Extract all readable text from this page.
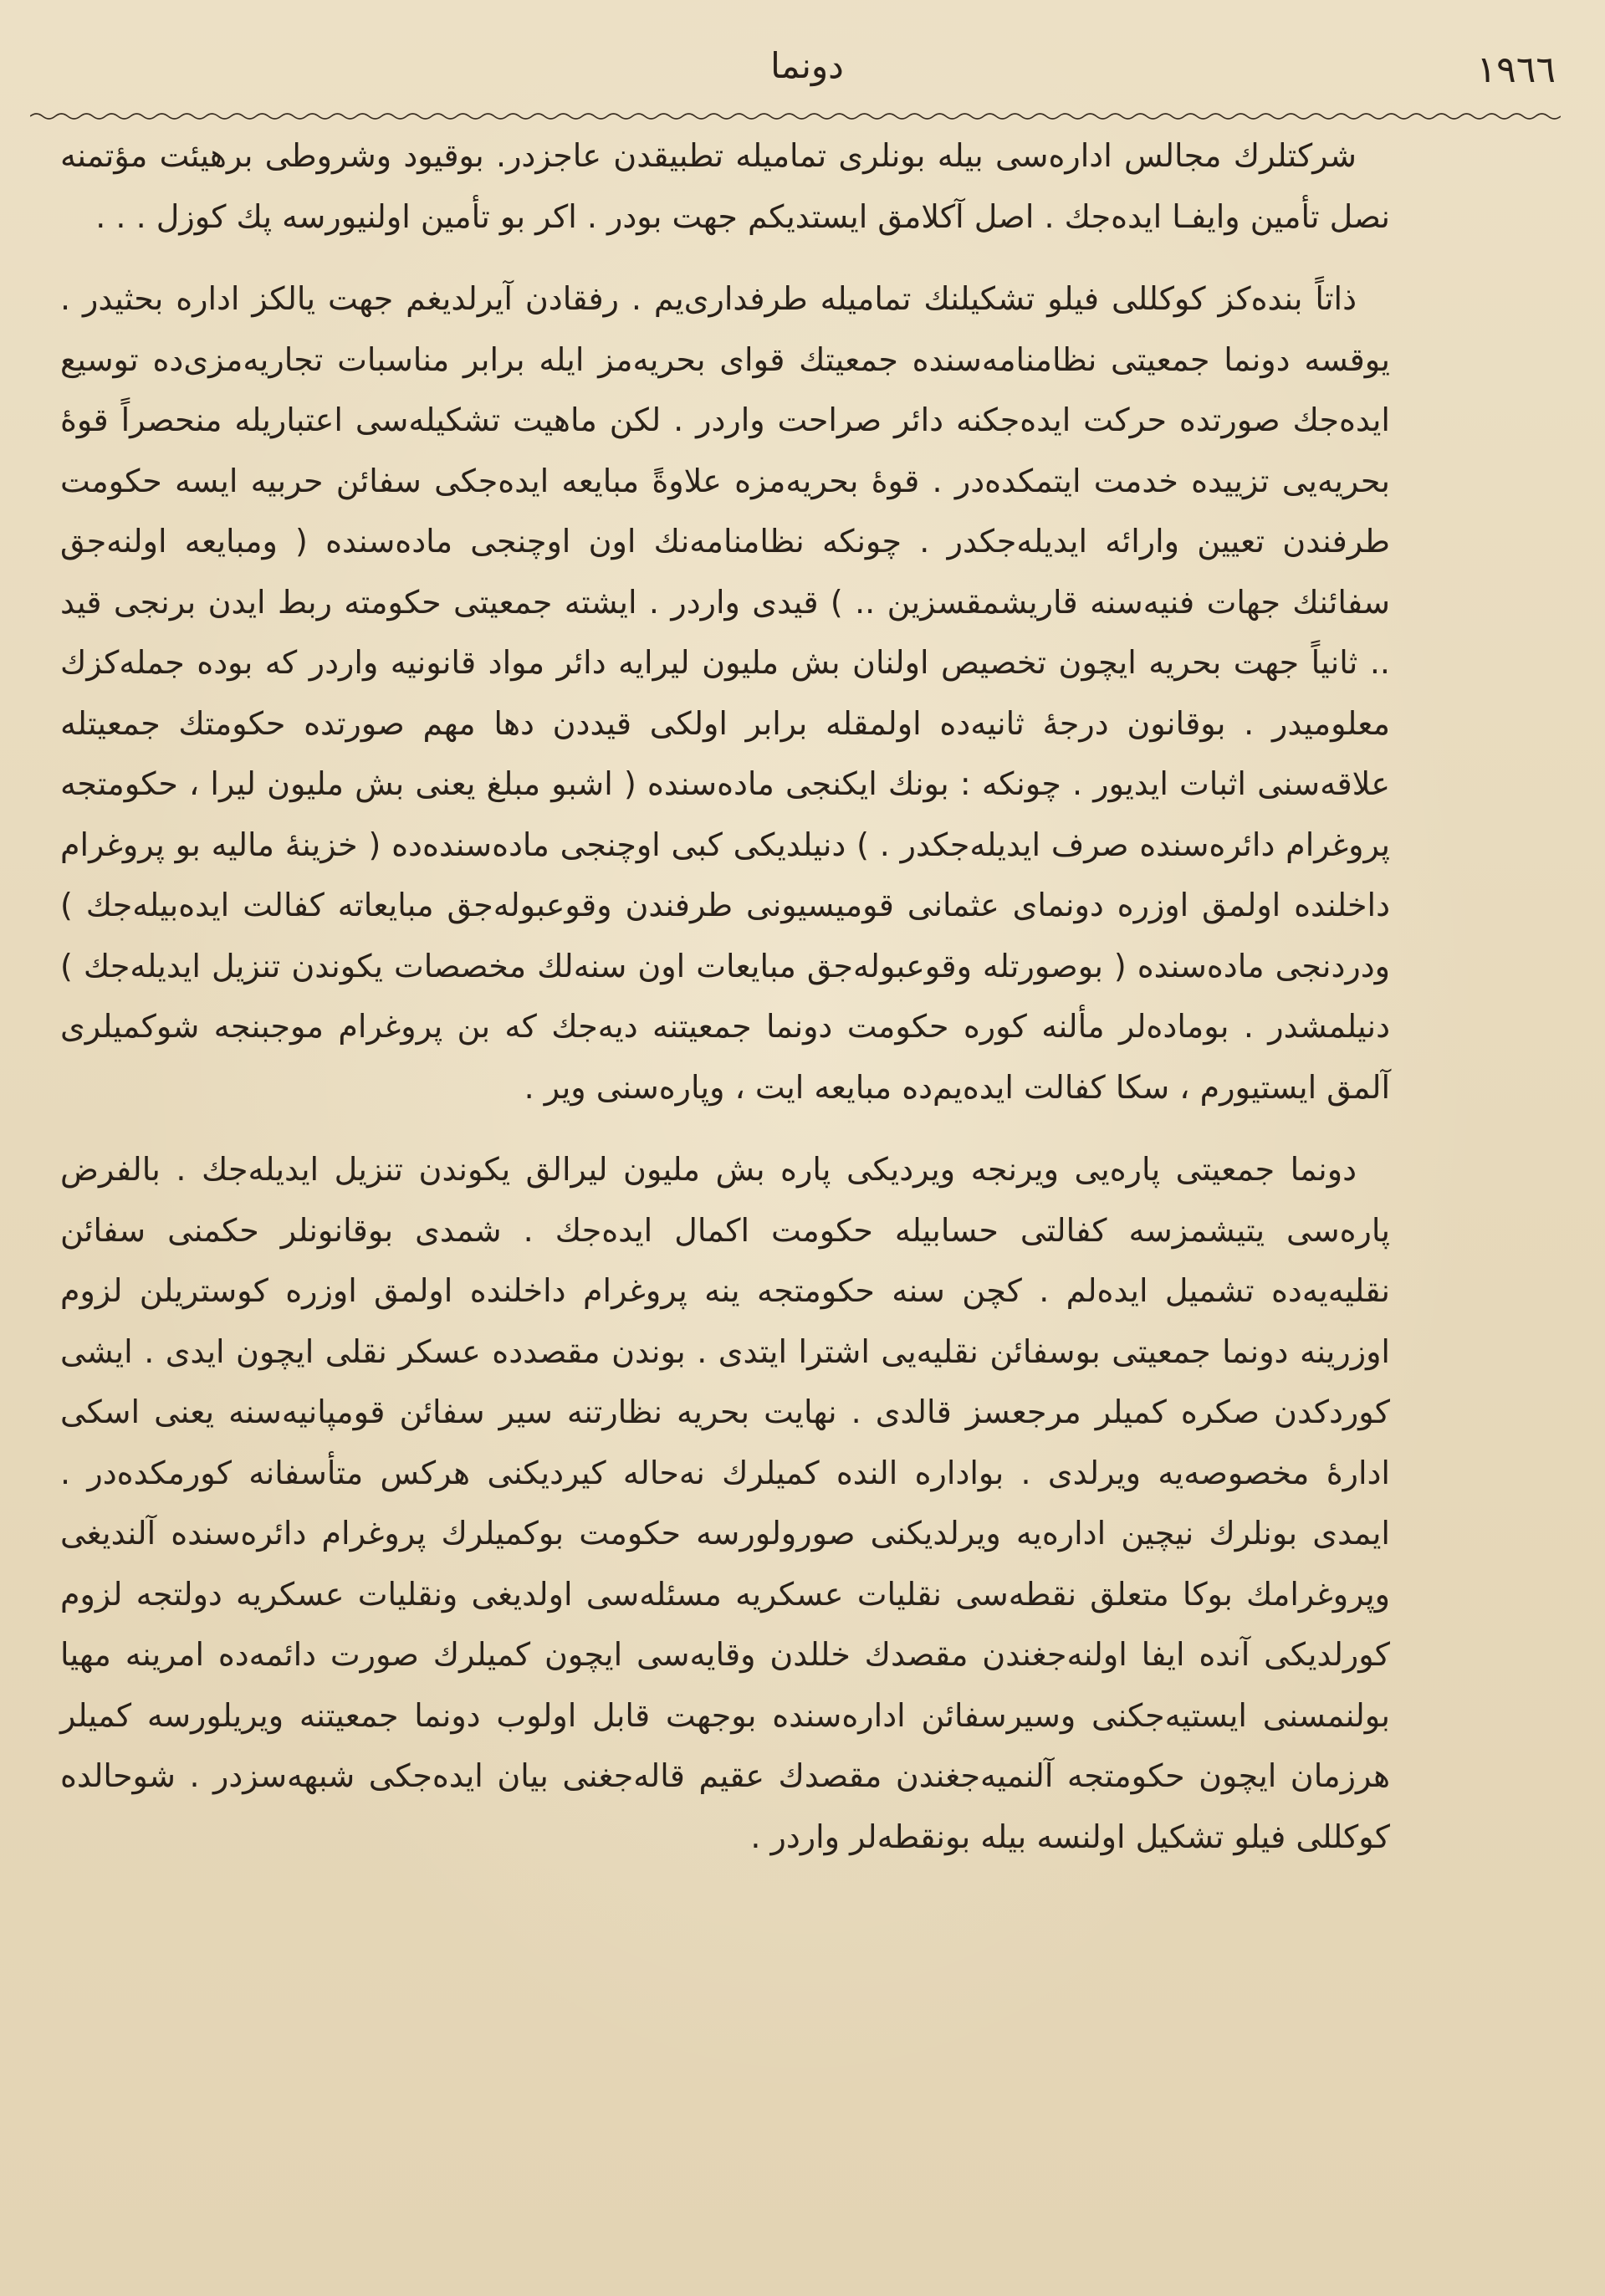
دونما	١٩٦٦

شركتلرك مجالس ادارەسی بیله بونلری تماميله تطبيقدن عاجزدر. بوقیود وشروطی برهیئت مؤتمنه نصل تأمین وايفـا ايدەجك . اصل آكلامق ايستديكم جهت بودر . اكر بو تأمين اولنيورسه پك كوزل . . .

ذاتاً بندەكز كوكللی فیلو تشكيلنك تماميله طرفداری‌يم . رفقادن آیرلدیغم جهت يالكز ادارە بحثيدر . يوقسه دونما جمعيتی نظامنامەسنده جمعيتك قوای بحريەمز ايله برابر مناسبات تجاريەمزی‌دە توسيع ايدەجك صورتده حركت ايدەجكنه دائر صراحت واردر . لكن ماهيت تشكيلەسی اعتباريله منحصراً قوۀ بحريەيی تزييده خدمت ايتمكدەدر . قوۀ بحريەمزه علاوةً مبايعه ايدەجكی سفائن حربيه ايسه حكومت طرفندن تعيين وارائه ايديله‌جكدر . چونكه نظامنامەنك اون اوچنجی مادەسنده ( ومبايعه اولنه‌جق سفائنك جهات فنيەسنه قاريشمقسزين .. ) قيدی واردر . ايشته جمعيتی حكومته ربط ايدن برنجی قيد .. ثانياً جهت بحريه ايچون تخصيص اولنان بش مليون ليرايه دائر مواد قانونيه واردر كه بوده جملەكزك معلوميدر . بوقانون درجۀ ثانيەده اولمقله برابر اولكی قيددن دها مهم صورتده حكومتك جمعيتله علاقەسنی اثبات ايديور . چونكه : بونك ايكنجی مادەسنده ( اشبو مبلغ يعنی بش مليون ليرا ، حكومتجه پروغرام دائرەسنده صرف ايديله‌جكدر . ) دنيلديكی كبی اوچنجی مادەسنده‌ده ( خزينۀ ماليه بو پروغرام داخلنده اولمق اوزره دونمای عثمانی قوميسيونی طرفندن وقوعبوله‌جق مبايعاته كفالت ايده‌بيله‌جك ) ودردنجی مادەسنده ( بوصورتله وقوعبوله‌جق مبايعات اون سنەلك مخصصات يكوندن تنزيل ايديله‌جك ) دنيلمشدر . بومادەلر مألنه كوره حكومت دونما جمعيتنه ديەجك كه بن پروغرام موجبنجه شوكميلری آلمق ايستيورم ، سكا كفالت ايدەيم‌ده مبايعه ايت ، وپارەسنی وير .

دونما جمعيتی پارەيی ويرنجه ويرديكی پاره بش مليون ليرالق يكوندن تنزيل ايديله‌جك . بالفرض پارەسی يتيشمزسه كفالتی حسابيله حكومت اكمال ايدەجك . شمدی بوقانونلر حكمنی سفائن نقليەيەده تشميل ايدەلم . كچن سنه حكومتجه ينه پروغرام داخلنده اولمق اوزره كوستريلن لزوم اوزرينه دونما جمعيتی بوسفائن نقليەيی اشترا ايتدی . بوندن مقصدده عسكر نقلی ايچون ايدی . ايشی كوردكدن صكره كميلر مرجعسز قالدی . نهايت بحريه نظارتنه سير سفائن قومپانيەسنه يعنی اسكی ادارۀ مخصوصه‌يه ويرلدی . بواداره النده كميلرك نه‌حاله كيرديكنی هركس متأسفانه كورمكدەدر . ايمدی بونلرك نيچين ادارەيه ويرلديكنی صورولورسه حكومت بوكميلرك پروغرام دائرەسنده آلنديغی وپروغرامك بوكا متعلق نقطەسی نقليات عسكريه مسئلەسی اولديغی ونقليات عسكريه دولتجه لزوم كورلديكی آنده ايفا اولنه‌جغندن مقصدك خللدن وقايەسی ايچون كميلرك صورت دائمەده امرينه مهيا بولنمسنی ايستيه‌جكنی وسيرسفائن ادارەسنده بوجهت قابل اولوب دونما جمعيتنه ويريلورسه كميلر هرزمان ايچون حكومتجه آلنميه‌جغندن مقصدك عقيم قاله‌جغنی بيان ايدەجكی شبهەسزدر . شوحالده كوكللی فيلو تشكيل اولنسه بيله بونقطەلر واردر .
